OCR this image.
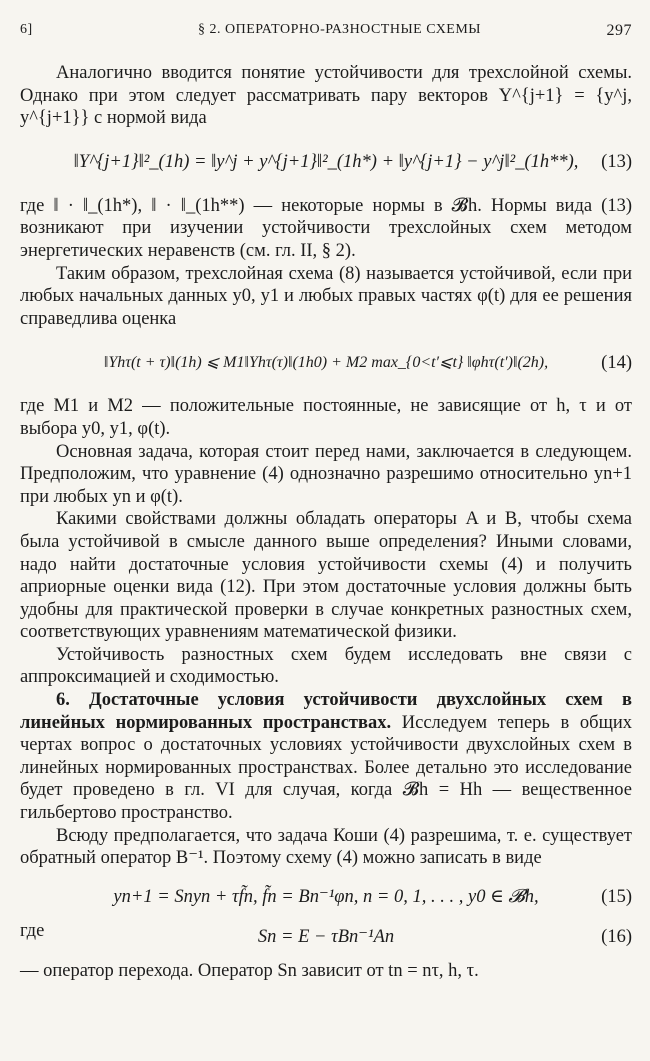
6]	§ 2. ОПЕРАТОРНО-РАЗНОСТНЫЕ СХЕМЫ	297

Аналогично вводится понятие устойчивости для трехслойной схемы. Однако при этом следует рассматривать пару векторов Y^{j+1} = {y^j, y^{j+1}} с нормой вида

‖Y^{j+1}‖²_(1h) = ‖y^j + y^{j+1}‖²_(1h*) + ‖y^{j+1} − y^j‖²_(1h**), (13)

где ‖ · ‖_(1h*), ‖ · ‖_(1h**) — некоторые нормы в 𝓑h. Нормы вида (13) возникают при изучении устойчивости трехслойных схем методом энергетических неравенств (см. гл. II, § 2).

Таким образом, трехслойная схема (8) называется устойчивой, если при любых начальных данных y0, y1 и любых правых частях φ(t) для ее решения справедлива оценка

‖Yhτ(t + τ)‖(1h) ⩽ M1‖Yhτ(τ)‖(1h0) + M2 max_{0<t′⩽t} ‖φhτ(t′)‖(2h),	(14)

где M1 и M2 — положительные постоянные, не зависящие от h, τ и от выбора y0, y1, φ(t).

Основная задача, которая стоит перед нами, заключается в следующем. Предположим, что уравнение (4) однозначно разрешимо относительно yn+1 при любых yn и φ(t).

Какими свойствами должны обладать операторы A и B, чтобы схема была устойчивой в смысле данного выше определения? Иными словами, надо найти достаточные условия устойчивости схемы (4) и получить априорные оценки вида (12). При этом достаточные условия должны быть удобны для практической проверки в случае конкретных разностных схем, соответствующих уравнениям математической физики.

Устойчивость разностных схем будем исследовать вне связи с аппроксимацией и сходимостью.

6. Достаточные условия устойчивости двухслойных схем в линейных нормированных пространствах. Исследуем теперь в общих чертах вопрос о достаточных условиях устойчивости двухслойных схем в линейных нормированных пространствах. Более детально это исследование будет проведено в гл. VI для случая, когда 𝓑h = Hh — вещественное гильбертово пространство.

Всюду предполагается, что задача Коши (4) разрешима, т. е. существует обратный оператор B⁻¹. Поэтому схему (4) можно записать в виде

yn+1 = Snyn + τf̃n, f̃n = Bn⁻¹φn, n = 0, 1, . . . , y0 ∈ 𝓑h,	(15)

где	Sn = E − τBn⁻¹An	(16)

— оператор перехода. Оператор Sn зависит от tn = nτ, h, τ.
